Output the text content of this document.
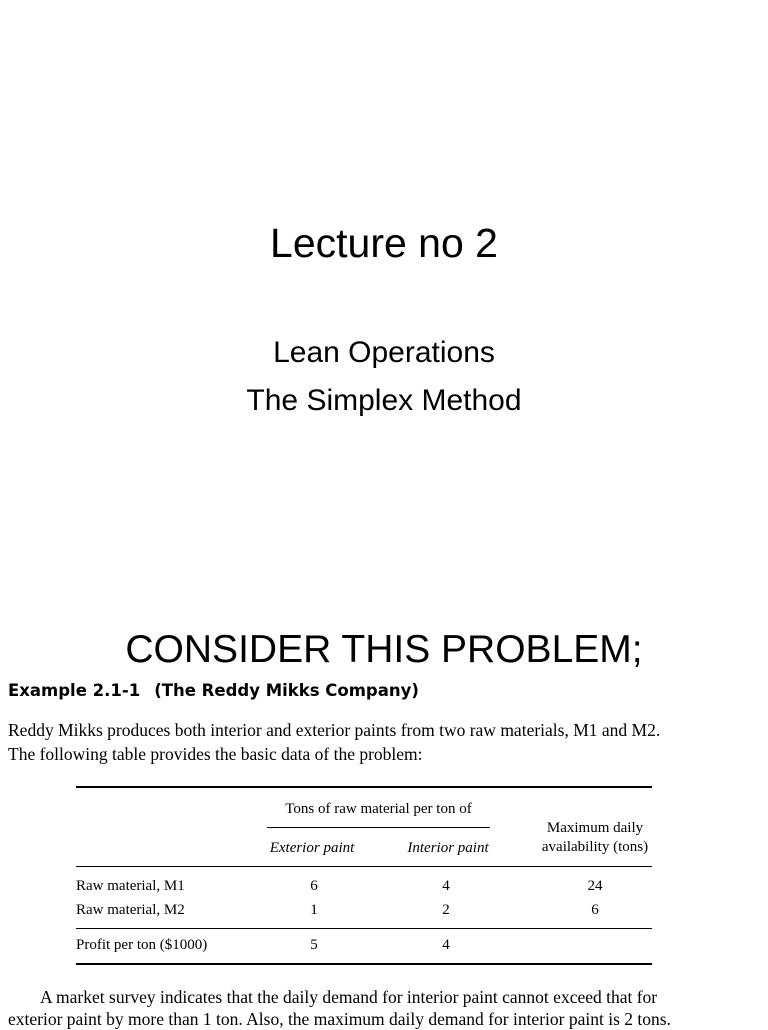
Lecture no 2
Lean Operations
The Simplex Method
CONSIDER THIS PROBLEM;
Example 2.1-1 (The Reddy Mikks Company)
Reddy Mikks produces both interior and exterior paints from two raw materials, M1 and M2.
The following table provides the basic data of the problem:
Tons of raw material per ton of
Exterior paint	Interior paint
Maximum daily
availability (tons)
Raw material, M1	6	4	24
Raw material, M2	1	2	6
Profit per ton ($1000)	5	4
A market survey indicates that the daily demand for interior paint cannot exceed that for
exterior paint by more than 1 ton. Also, the maximum daily demand for interior paint is 2 tons.
